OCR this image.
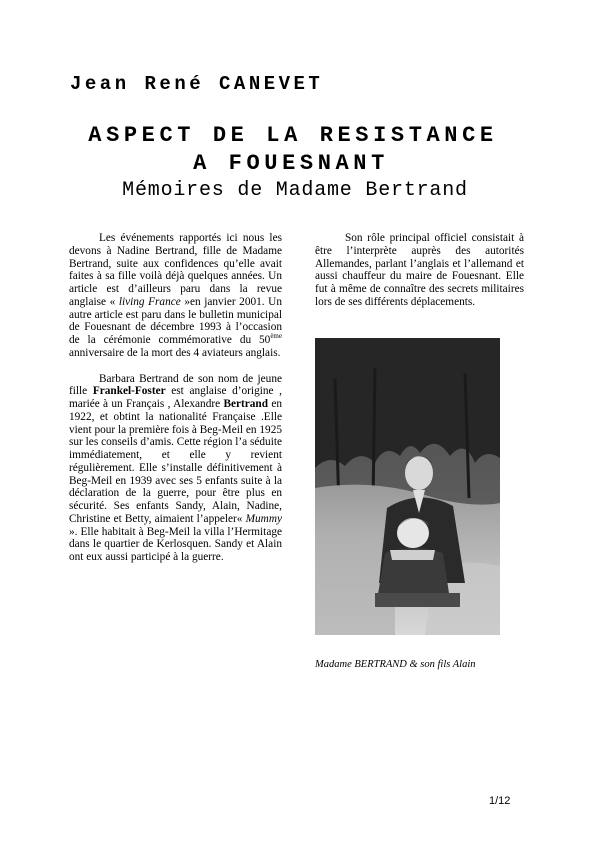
Jean René CANEVET
ASPECT DE LA RESISTANCE
A FOUESNANT
Mémoires de Madame Bertrand

Les événements rapportés ici nous les devons à Nadine Bertrand, fille de Madame Bertrand, suite aux confidences qu’elle avait faites à sa fille voilà déjà quelques années. Un article est d’ailleurs paru dans la revue anglaise « living France »en janvier 2001. Un autre article est paru dans le bulletin municipal de Fouesnant de décembre 1993 à l’occasion de la cérémonie commémorative du 50ème anniversaire de la mort des 4 aviateurs anglais.

Barbara Bertrand de son nom de jeune fille Frankel-Foster est anglaise d’origine , mariée à un Français , Alexandre Bertrand en 1922, et obtint la nationalité Française .Elle vient pour la première fois à Beg-Meil en 1925 sur les conseils d’amis. Cette région l’a séduite immédiatement, et elle y revient régulièrement. Elle s’installe définitivement à Beg-Meil en 1939 avec ses 5 enfants suite à la déclaration de la guerre, pour être plus en sécurité. Ses enfants Sandy, Alain, Nadine, Christine et Betty, aimaient l’appeler« Mummy ». Elle habitait à Beg-Meil la villa l’Hermitage dans le quartier de Kerlosquen. Sandy et Alain ont eux aussi participé à la guerre.

Son rôle principal officiel consistait à être l’interprète auprès des autorités Allemandes, parlant l’anglais et l’allemand et aussi chauffeur du maire de Fouesnant. Elle fut à même de connaître des secrets militaires lors de ses différents déplacements.

Madame BERTRAND & son fils Alain
1/12
